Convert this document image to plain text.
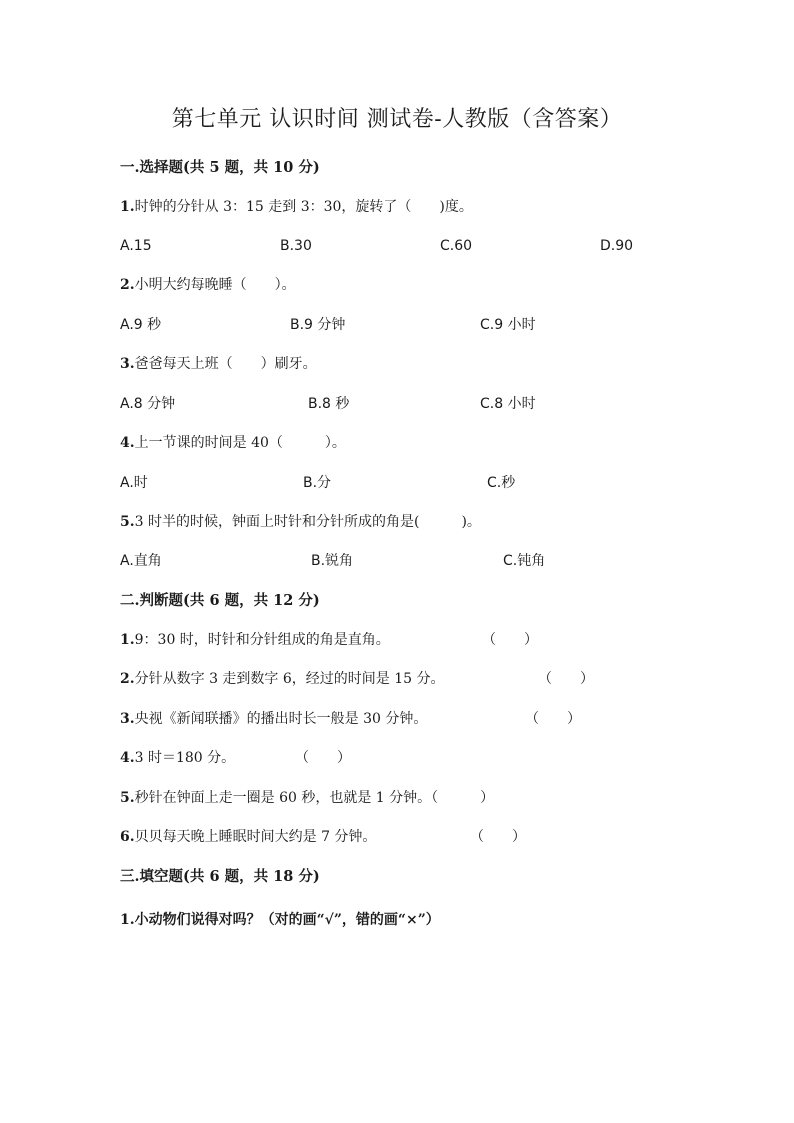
第七单元 认识时间 测试卷-人教版（含答案）
一.选择题(共 5 题，共 10 分)
1.时钟的分针从 3：15 走到 3：30，旋转了（　　)度。
A.15	B.30	C.60	D.90
2.小明大约每晚睡（　　）。
A.9 秒	B.9 分钟	C.9 小时
3.爸爸每天上班（　　）刷牙。
A.8 分钟	B.8 秒	C.8 小时
4.上一节课的时间是 40（　　　）。
A.时	B.分	C.秒
5.3 时半的时候，钟面上时针和分针所成的角是(　　　)。
A.直角	B.锐角	C.钝角
二.判断题(共 6 题，共 12 分)
1.9：30 时，时针和分针组成的角是直角。	（　　）
2.分针从数字 3 走到数字 6，经过的时间是 15 分。	（　　）
3.央视《新闻联播》的播出时长一般是 30 分钟。	（　　）
4.3 时＝180 分。	（　　）
5.秒针在钟面上走一圈是 60 秒，也就是 1 分钟。（　　　）
6.贝贝每天晚上睡眠时间大约是 7 分钟。	（　　）
三.填空题(共 6 题，共 18 分)
1.小动物们说得对吗？（对的画“√”，错的画“×”）
